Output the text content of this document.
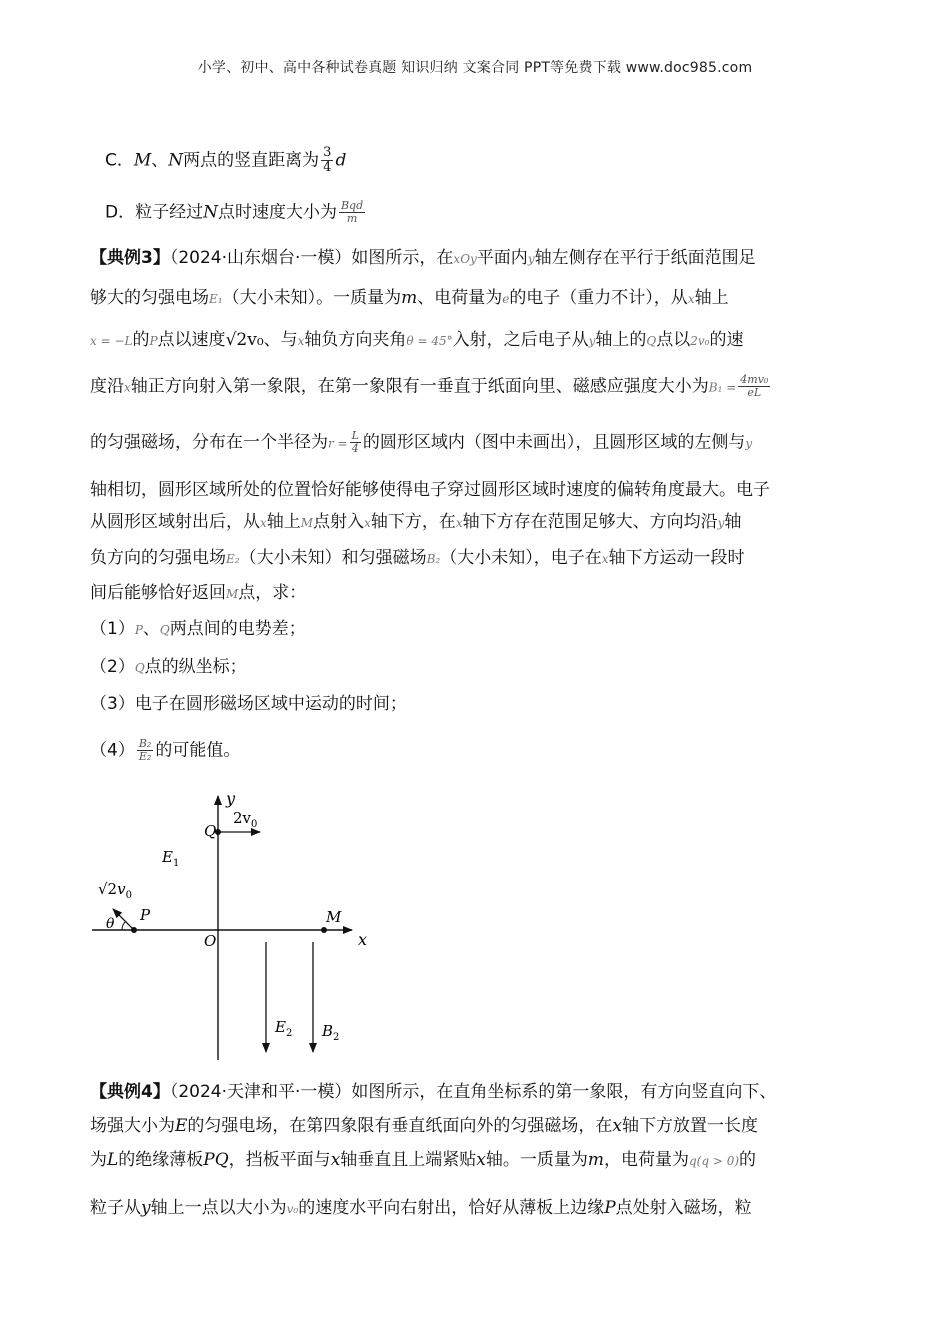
小学、初中、高中各种试卷真题 知识归纳 文案合同 PPT等免费下载 www.doc985.com
C．M、N两点的竖直距离为 $\frac{3}{4}$ d
D．粒子经过N点时速度大小为 $\frac{\text{Bqd}}{m}$
【典例3】（2024·山东烟台·一模）如图所示，在xOy平面内y轴左侧存在平行于纸面范围足
够大的匀强电场E₁（大小未知）。一质量为m、电荷量为e的电子（重力不计），从x轴上
x = −L的P点以速度√2v₀、与x轴负方向夹角θ = 45°入射，之后电子从y轴上的Q点以2v₀的速
度沿x轴正方向射入第一象限，在第一象限有一垂直于纸面向里、磁感应强度大小为$B_1 = \frac{\text{4mv₀}}{eL}$
的匀强磁场，分布在一个半径为$r = \frac{L}{4}$ 的圆形区域内（图中未画出），且圆形区域的左侧与y
轴相切，圆形区域所处的位置恰好能够使得电子穿过圆形区域时速度的偏转角度最大。电子
从圆形区域射出后，从x轴上M点射入x轴下方，在x轴下方存在范围足够大、方向均沿y轴
负方向的匀强电场E₂（大小未知）和匀强磁场B₂（大小未知），电子在x轴下方运动一段时
间后能够恰好返回M点，求：
（1）P、Q两点间的电势差；
（2）Q点的纵坐标；
（3）电子在圆形磁场区域中运动的时间；
$(4) \frac{\text{B₂}}{\text{E₂}}$ 的可能值。
y
x
O
Q
$2v_0$
$E_1$
P
$√2v_0$
θ	M
$E_2$ $B_2$
【典例4】（2024·天津和平·一模）如图所示，在直角坐标系的第一象限，有方向竖直向下、
场强大小为E的匀强电场，在第四象限有垂直纸面向外的匀强磁场，在x轴下方放置一长度
为L的绝缘薄板PQ，挡板平面与x轴垂直且上端紧贴x轴。一质量为m，电荷量为q(q > 0)的
粒子从y轴上一点以大小为v₀的速度水平向右射出，恰好从薄板上边缘P点处射入磁场，粒
